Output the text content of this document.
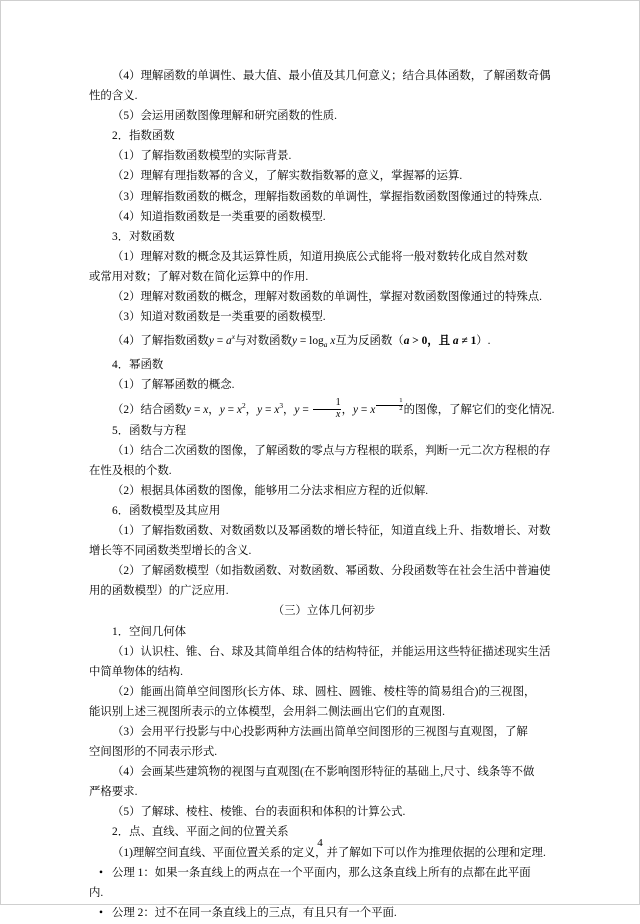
（4）理解函数的单调性、最大值、最小值及其几何意义；结合具体函数，了解函数奇偶

性的含义.

（5）会运用函数图像理解和研究函数的性质.

2．指数函数

（1）了解指数函数模型的实际背景.

（2）理解有理指数幂的含义，了解实数指数幂的意义，掌握幂的运算.

（3）理解指数函数的概念，理解指数函数的单调性，掌握指数函数图像通过的特殊点.

（4）知道指数函数是一类重要的函数模型.

3．对数函数

（1）理解对数的概念及其运算性质，知道用换底公式能将一般对数转化成自然对数

或常用对数；了解对数在简化运算中的作用.

（2）理解对数函数的概念，理解对数函数的单调性，掌握对数函数图像通过的特殊点.

（3）知道对数函数是一类重要的函数模型.

（4）了解指数函数$y = a^x$与对数函数$y = \log_a x$互为反函数（a > 0，且 a ≠ 1）.

4．幂函数

（1）了解幂函数的概念.

（2）结合函数y = x，$y = x^2$，$y = x^3$，$y = \frac{1}{x}$ ，y = x $^{\frac{1}{2}}$ 的图像，了解它们的变化情况.

5．函数与方程

（1）结合二次函数的图像，了解函数的零点与方程根的联系，判断一元二次方程根的存

在性及根的个数.

（2）根据具体函数的图像，能够用二分法求相应方程的近似解.

6．函数模型及其应用

（1）了解指数函数、对数函数以及幂函数的增长特征，知道直线上升、指数增长、对数

增长等不同函数类型增长的含义.

（2）了解函数模型（如指数函数、对数函数、幂函数、分段函数等在社会生活中普遍使

用的函数模型）的广泛应用.

（三）立体几何初步

1．空间几何体

（1）认识柱、锥、台、球及其简单组合体的结构特征，并能运用这些特征描述现实生活

中简单物体的结构.

（2）能画出简单空间图形(长方体、球、圆柱、圆锥、棱柱等的简易组合)的三视图，

能识别上述三视图所表示的立体模型，会用斜二侧法画出它们的直观图.

（3）会用平行投影与中心投影两种方法画出简单空间图形的三视图与直观图，了解

空间图形的不同表示形式.

（4）会画某些建筑物的视图与直观图(在不影响图形特征的基础上,尺寸、线条等不做

严格要求.

（5）了解球、棱柱、棱锥、台的表面积和体积的计算公式.

2．点、直线、平面之间的位置关系

（1)理解空间直线、平面位置关系的定义，并了解如下可以作为推理依据的公理和定理.

• 公理 1：如果一条直线上的两点在一个平面内，那么这条直线上所有的点都在此平面

内.

• 公理 2：过不在同一条直线上的三点，有且只有一个平面.

4
